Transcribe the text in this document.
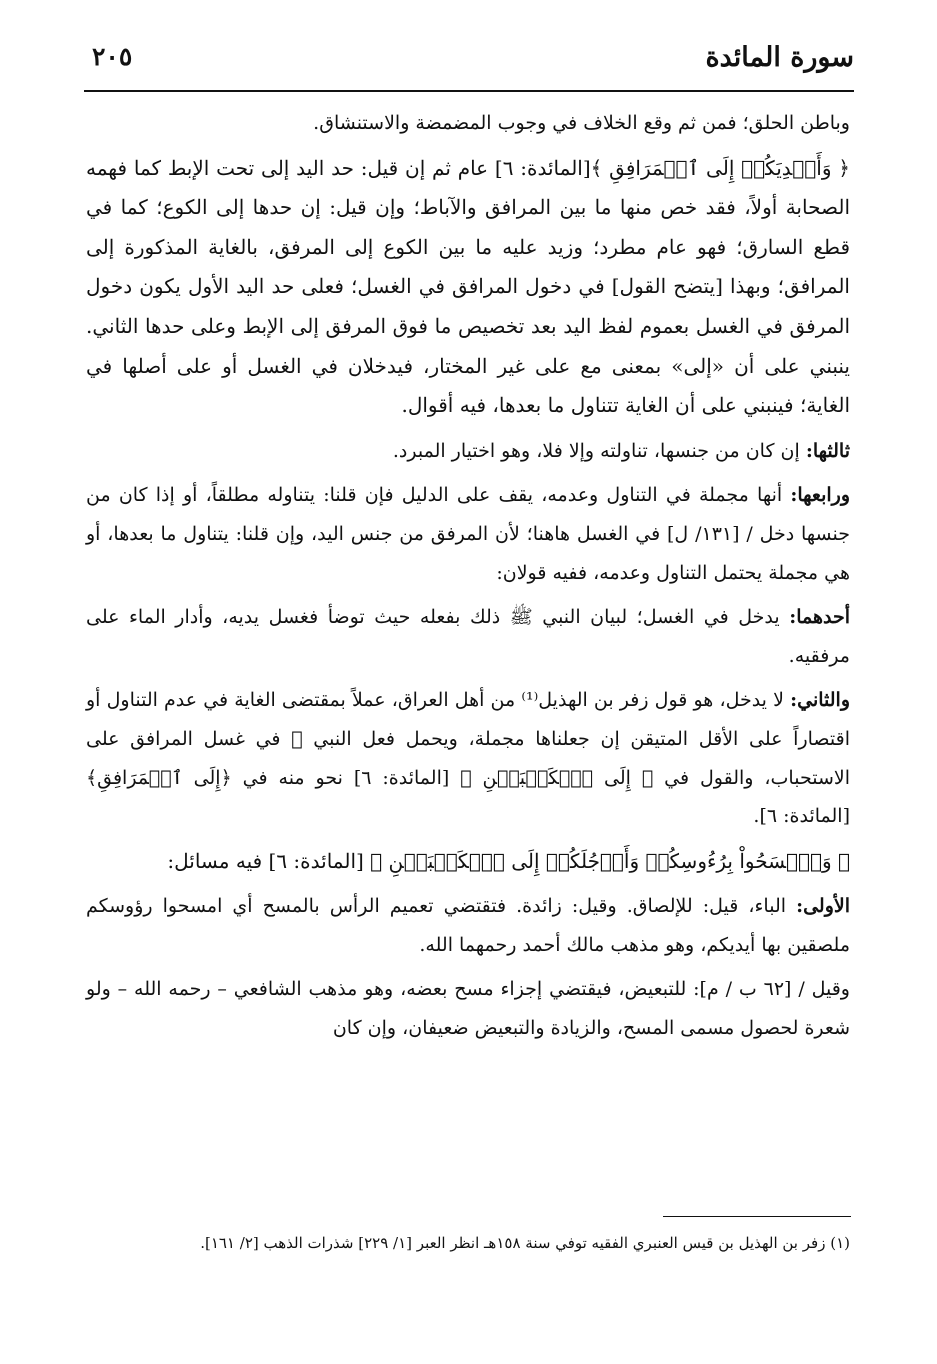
سورة المائدة
٢٠٥

وباطن الحلق؛ فمن ثم وقع الخلاف في وجوب المضمضة والاستنشاق.

﴿ وَأَيۡدِيَكُمۡ إِلَى ٱلۡمَرَافِقِ ﴾[المائدة: ٦] عام ثم إن قيل: حد اليد إلى تحت الإبط كما فهمه الصحابة أولاً، فقد خص منها ما بين المرافق والآباط؛ وإن قيل: إن حدها إلى الكوع؛ كما في قطع السارق؛ فهو عام مطرد؛ وزيد عليه ما بين الكوع إلى المرفق، بالغاية المذكورة إلى المرافق؛ وبهذا [يتضح القول] في دخول المرافق في الغسل؛ فعلى حد اليد الأول يكون دخول المرفق في الغسل بعموم لفظ اليد بعد تخصيص ما فوق المرفق إلى الإبط وعلى حدها الثاني. ينبني على أن «إلى» بمعنى مع على غير المختار، فيدخلان في الغسل أو على أصلها في الغاية؛ فينبني على أن الغاية تتناول ما بعدها، فيه أقوال.

ثالثها: إن كان من جنسها، تناولته وإلا فلا، وهو اختيار المبرد.

ورابعها: أنها مجملة في التناول وعدمه، يقف على الدليل فإن قلنا: يتناوله مطلقاً، أو إذا كان من جنسها دخل / [١٣١/ ل] في الغسل هاهنا؛ لأن المرفق من جنس اليد، وإن قلنا: يتناول ما بعدها، أو هي مجملة يحتمل التناول وعدمه، ففيه قولان:

أحدهما: يدخل في الغسل؛ لبيان النبي ﷺ ذلك بفعله حيث توضأ فغسل يديه، وأدار الماء على مرفقيه.

والثاني: لا يدخل، هو قول زفر بن الهذيل⁽¹⁾ من أهل العراق، عملاً بمقتضى الغاية في عدم التناول أو اقتصاراً على الأقل المتيقن إن جعلناها مجملة، ويحمل فعل النبي ﷺ في غسل المرافق على الاستحباب، والقول في ﴿ إِلَى ٱلۡكَعۡبَيۡنِ ﴾ [المائدة: ٦] نحو منه في ﴿إِلَى ٱلۡمَرَافِقِ﴾ [المائدة: ٦].

﴿ وَٱمۡسَحُواْ بِرُءُوسِكُمۡ وَأَرۡجُلَكُمۡ إِلَى ٱلۡكَعۡبَيۡنِ ﴾ [المائدة: ٦] فيه مسائل:

الأولى: الباء، قيل: للإلصاق. وقيل: زائدة. فتقتضي تعميم الرأس بالمسح أي امسحوا رؤوسكم ملصقين بها أيديكم، وهو مذهب مالك أحمد رحمهما الله.

وقيل / [٦٢ ب / م]: للتبعيض، فيقتضي إجزاء مسح بعضه، وهو مذهب الشافعي – رحمه الله – ولو شعرة لحصول مسمى المسح، والزيادة والتبعيض ضعيفان، وإن كان

(١) زفر بن الهذيل بن قيس العنبري الفقيه توفي سنة ١٥٨هـ انظر العبر [١/ ٢٢٩] شذرات الذهب [٢/ ١٦١].
